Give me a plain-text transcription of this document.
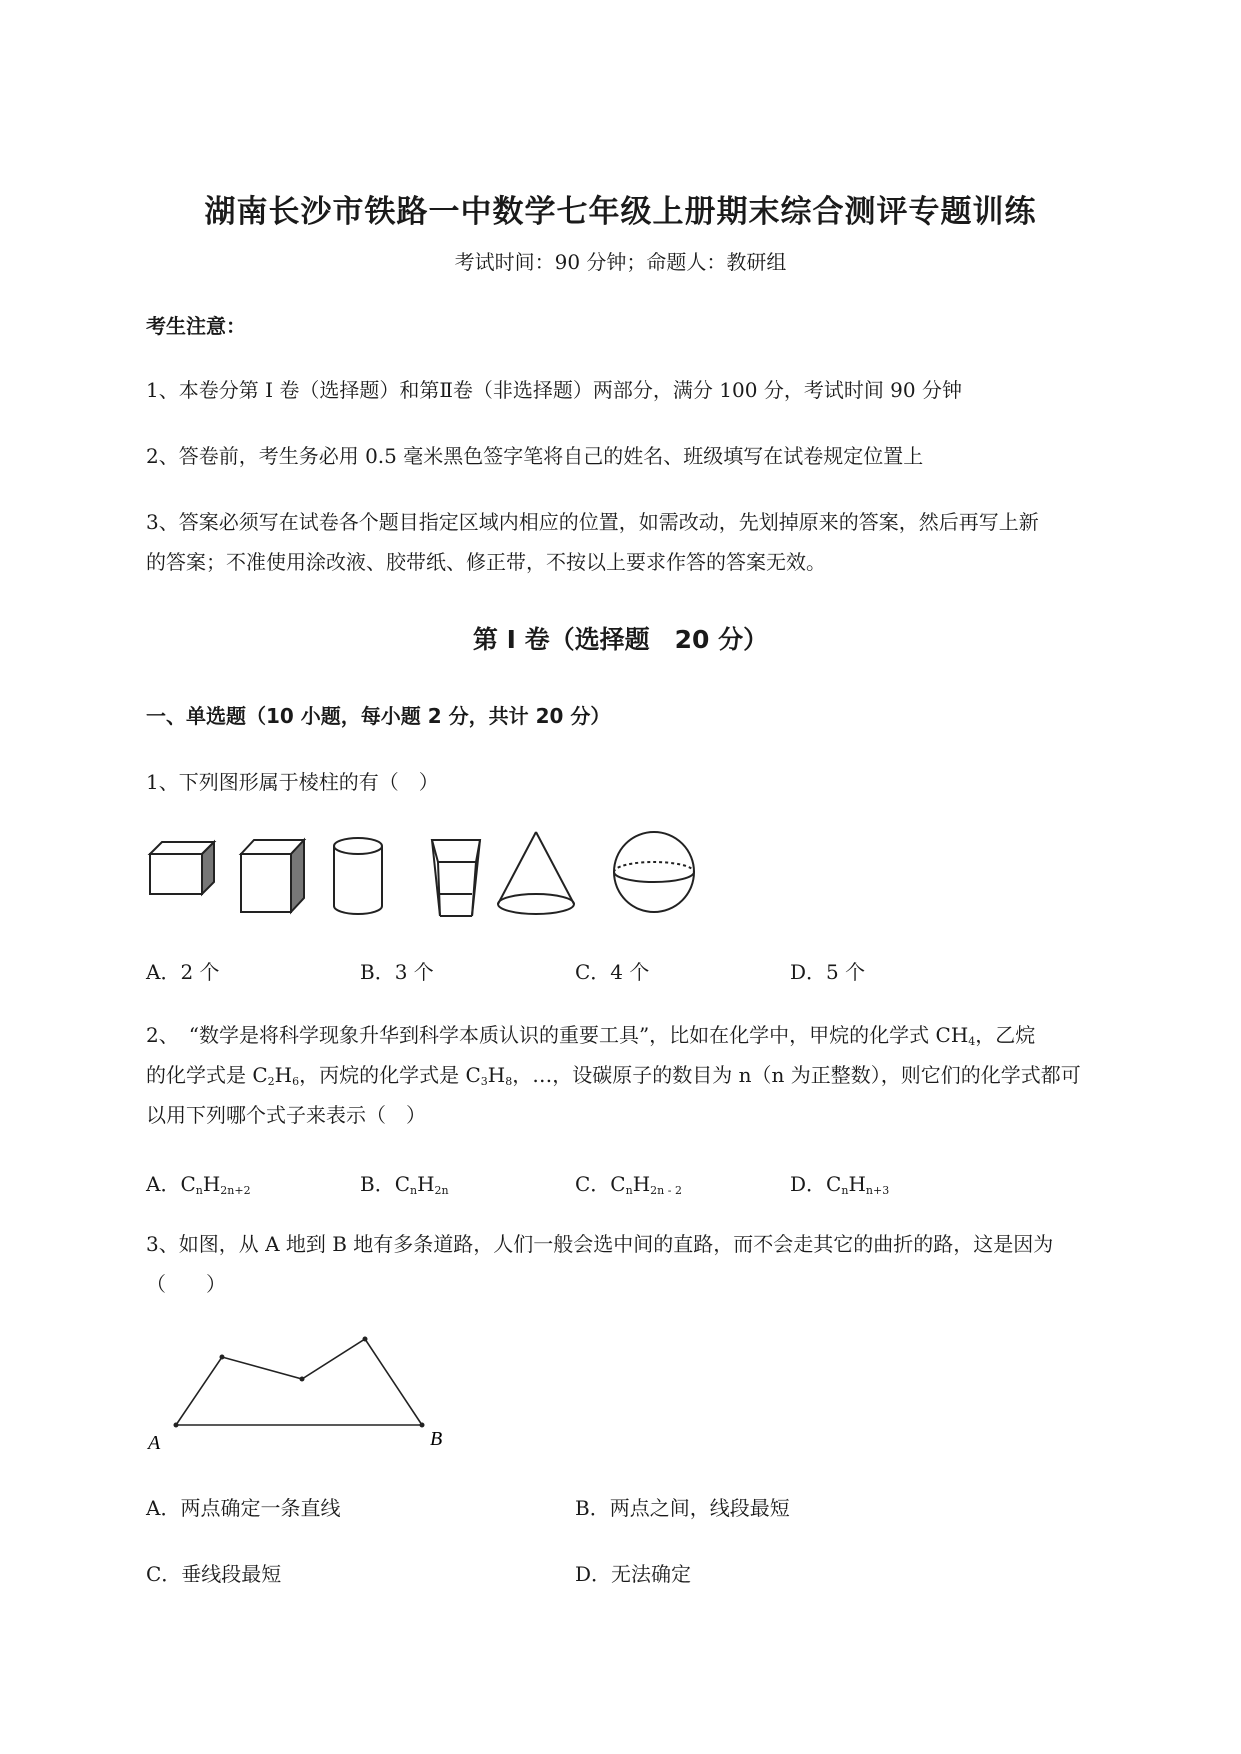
湖南长沙市铁路一中数学七年级上册期末综合测评专题训练
考试时间：90 分钟；命题人：教研组
考生注意：
1、本卷分第 I 卷（选择题）和第Ⅱ卷（非选择题）两部分，满分 100 分，考试时间 90 分钟
2、答卷前，考生务必用 0.5 毫米黑色签字笔将自己的姓名、班级填写在试卷规定位置上
3、答案必须写在试卷各个题目指定区域内相应的位置，如需改动，先划掉原来的答案，然后再写上新
的答案；不准使用涂改液、胶带纸、修正带，不按以上要求作答的答案无效。
第 I 卷（选择题　20 分）
一、单选题（10 小题，每小题 2 分，共计 20 分）
1、下列图形属于棱柱的有（　）
A．2 个	B．3 个	C．4 个	D．5 个
2、　“数学是将科学现象升华到科学本质认识的重要工具”，比如在化学中，甲烷的化学式 $CH_4$，乙烷
的化学式是 $C_2H_6$，丙烷的化学式是 $C_3H_8$，…，设碳原子的数目为 n（n 为正整数），则它们的化学式都可
以用下列哪个式子来表示（　）
A．$C_nH_{2n+2}$	B．$C_nH_{2n}$	C．$C_nH_{2n - 2}$	D．$C_nH_{n+3}$
3、如图，从 A 地到 B 地有多条道路，人们一般会选中间的直路，而不会走其它的曲折的路，这是因为
（　　）
A	B
A．两点确定一条直线	B．两点之间，线段最短
C．垂线段最短	D．无法确定
